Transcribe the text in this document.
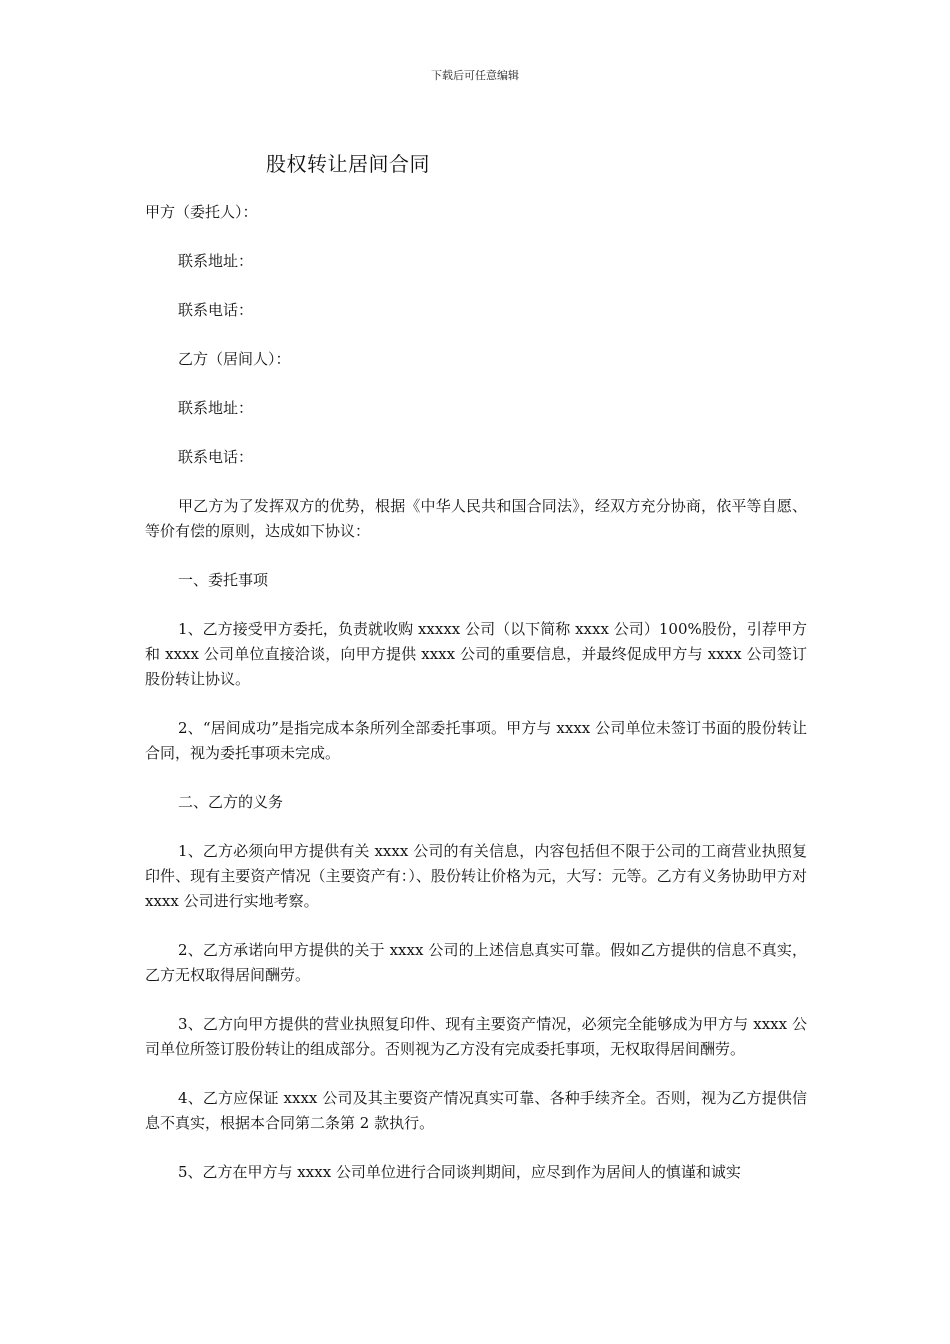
下载后可任意编辑
股权转让居间合同

甲方（委托人）：

联系地址：

联系电话：

乙方（居间人）：

联系地址：

联系电话：

甲乙方为了发挥双方的优势，根据《中华人民共和国合同法》，经双方充分协商，依平等自愿、等价有偿的原则，达成如下协议：

一、委托事项

1、乙方接受甲方委托，负责就收购 xxxxx 公司（以下简称 xxxx 公司）100%股份，引荐甲方和 xxxx 公司单位直接洽谈，向甲方提供 xxxx 公司的重要信息，并最终促成甲方与 xxxx 公司签订股份转让协议。

2、“居间成功”是指完成本条所列全部委托事项。甲方与 xxxx 公司单位未签订书面的股份转让合同，视为委托事项未完成。

二、乙方的义务

1、乙方必须向甲方提供有关 xxxx 公司的有关信息，内容包括但不限于公司的工商营业执照复印件、现有主要资产情况（主要资产有：）、股份转让价格为元，大写：元等。乙方有义务协助甲方对 xxxx 公司进行实地考察。

2、乙方承诺向甲方提供的关于 xxxx 公司的上述信息真实可靠。假如乙方提供的信息不真实，乙方无权取得居间酬劳。

3、乙方向甲方提供的营业执照复印件、现有主要资产情况，必须完全能够成为甲方与 xxxx 公司单位所签订股份转让的组成部分。否则视为乙方没有完成委托事项，无权取得居间酬劳。

4、乙方应保证 xxxx 公司及其主要资产情况真实可靠、各种手续齐全。否则，视为乙方提供信息不真实，根据本合同第二条第 2 款执行。

5、乙方在甲方与 xxxx 公司单位进行合同谈判期间，应尽到作为居间人的慎谨和诚实
